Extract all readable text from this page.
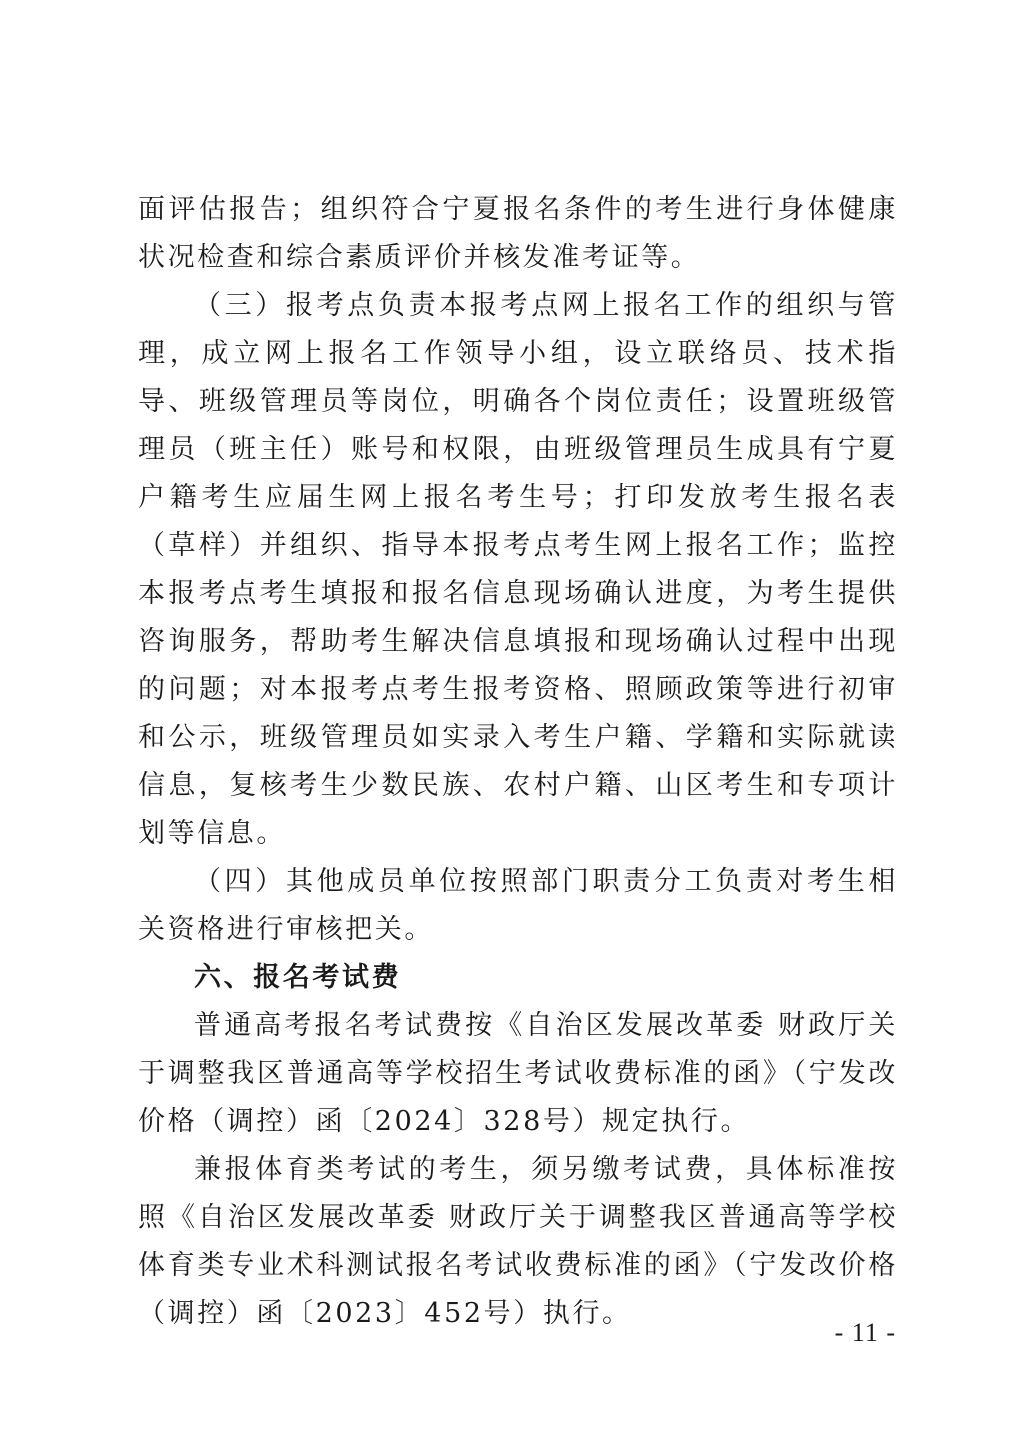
面评估报告；组织符合宁夏报名条件的考生进行身体健康状况检查和综合素质评价并核发准考证等。

（三）报考点负责本报考点网上报名工作的组织与管理，成立网上报名工作领导小组，设立联络员、技术指导、班级管理员等岗位，明确各个岗位责任；设置班级管理员（班主任）账号和权限，由班级管理员生成具有宁夏户籍考生应届生网上报名考生号；打印发放考生报名表（草样）并组织、指导本报考点考生网上报名工作；监控本报考点考生填报和报名信息现场确认进度，为考生提供咨询服务，帮助考生解决信息填报和现场确认过程中出现的问题；对本报考点考生报考资格、照顾政策等进行初审和公示，班级管理员如实录入考生户籍、学籍和实际就读信息，复核考生少数民族、农村户籍、山区考生和专项计划等信息。

（四）其他成员单位按照部门职责分工负责对考生相关资格进行审核把关。

六、报名考试费

普通高考报名考试费按《自治区发展改革委 财政厅关于调整我区普通高等学校招生考试收费标准的函》（宁发改价格（调控）函〔2024〕328号）规定执行。

兼报体育类考试的考生，须另缴考试费，具体标准按照《自治区发展改革委 财政厅关于调整我区普通高等学校体育类专业术科测试报名考试收费标准的函》（宁发改价格（调控）函〔2023〕452号）执行。

- 11 -
